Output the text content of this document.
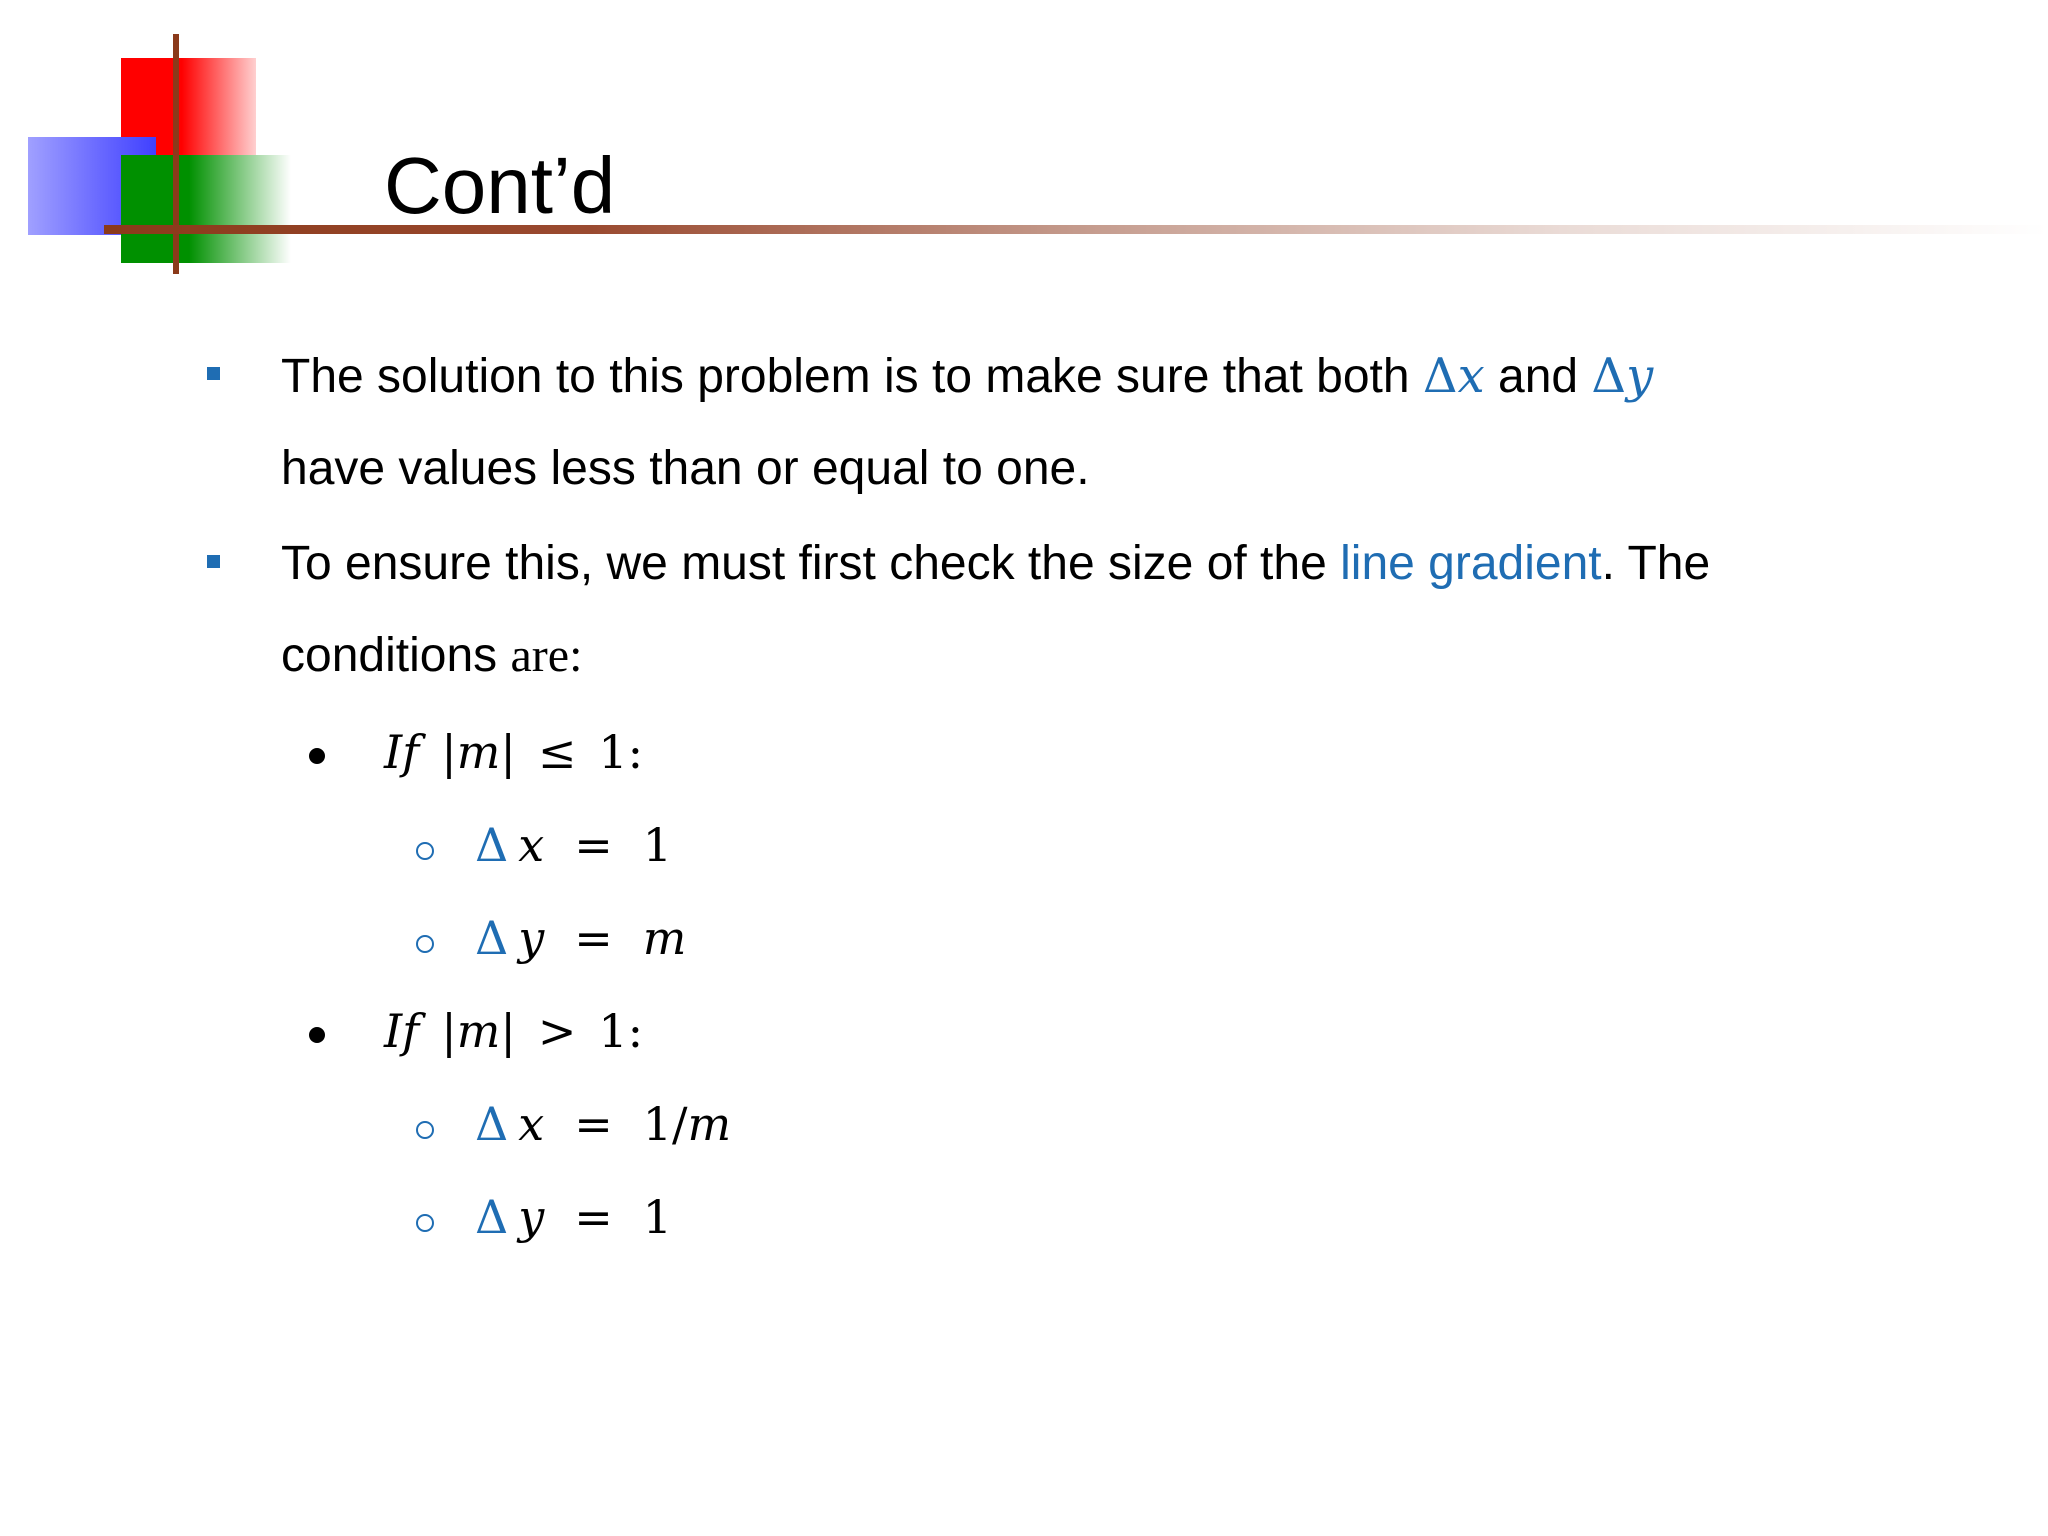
Cont’d
The solution to this problem is to make sure that both Δ𝑥 and Δ𝑦
have values less than or equal to one.
To ensure this, we must first check the size of the line gradient. The
conditions are:
𝐼𝑓 |𝑚| ≤ 1:
Δ 𝑥 = 1
Δ 𝑦 = 𝑚
𝐼𝑓 |𝑚| > 1:
Δ 𝑥 = 1/𝑚
Δ 𝑦 = 1
